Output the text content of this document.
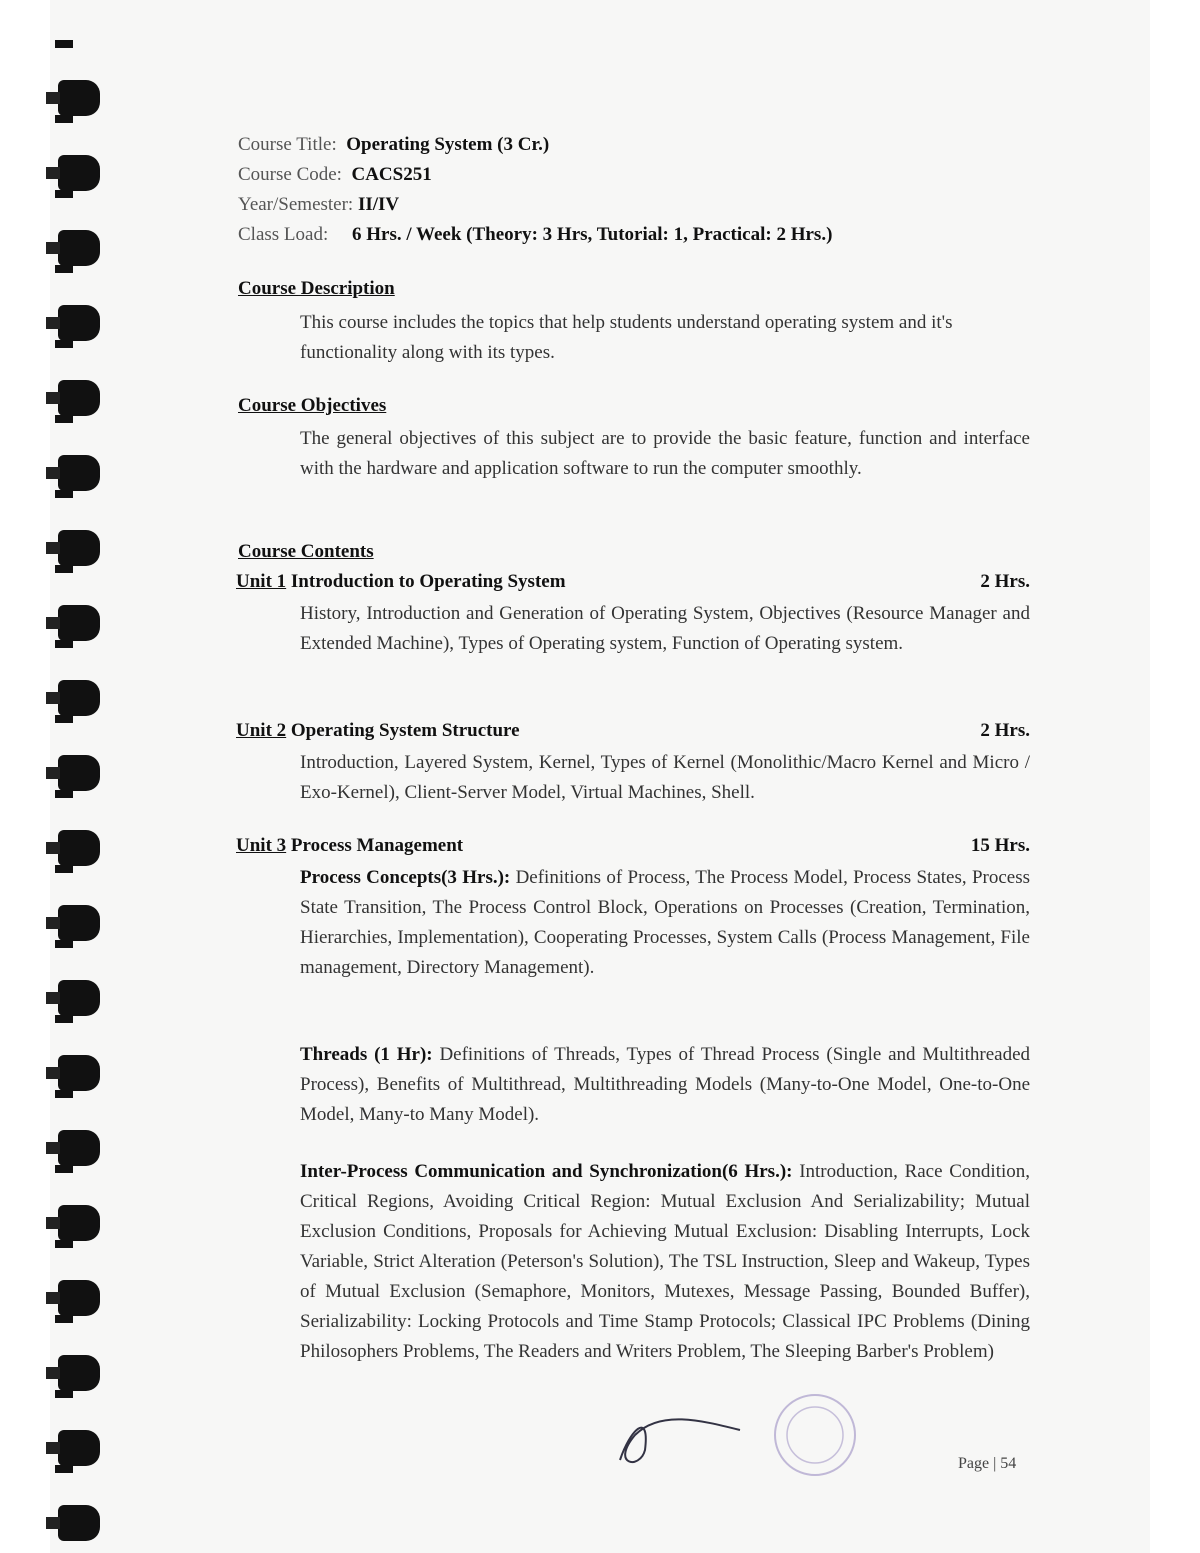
Course Title: Operating System (3 Cr.)
Course Code: CACS251
Year/Semester: II/IV
Class Load: 6 Hrs. / Week (Theory: 3 Hrs, Tutorial: 1, Practical: 2 Hrs.)
Course Description
This course includes the topics that help students understand operating system and it's functionality along with its types.
Course Objectives
The general objectives of this subject are to provide the basic feature, function and interface with the hardware and application software to run the computer smoothly.
Course Contents
Unit 1 Introduction to Operating System	2 Hrs.
History, Introduction and Generation of Operating System, Objectives (Resource Manager and Extended Machine), Types of Operating system, Function of Operating system.
Unit 2 Operating System Structure	2 Hrs.
Introduction, Layered System, Kernel, Types of Kernel (Monolithic/Macro Kernel and Micro / Exo-Kernel), Client-Server Model, Virtual Machines, Shell.
Unit 3 Process Management	15 Hrs.
Process Concepts(3 Hrs.): Definitions of Process, The Process Model, Process States, Process State Transition, The Process Control Block, Operations on Processes (Creation, Termination, Hierarchies, Implementation), Cooperating Processes, System Calls (Process Management, File management, Directory Management).
Threads (1 Hr): Definitions of Threads, Types of Thread Process (Single and Multithreaded Process), Benefits of Multithread, Multithreading Models (Many-to-One Model, One-to-One Model, Many-to Many Model).
Inter-Process Communication and Synchronization(6 Hrs.): Introduction, Race Condition, Critical Regions, Avoiding Critical Region: Mutual Exclusion And Serializability; Mutual Exclusion Conditions, Proposals for Achieving Mutual Exclusion: Disabling Interrupts, Lock Variable, Strict Alteration (Peterson's Solution), The TSL Instruction, Sleep and Wakeup, Types of Mutual Exclusion (Semaphore, Monitors, Mutexes, Message Passing, Bounded Buffer), Serializability: Locking Protocols and Time Stamp Protocols; Classical IPC Problems (Dining Philosophers Problems, The Readers and Writers Problem, The Sleeping Barber's Problem)
Page | 54
